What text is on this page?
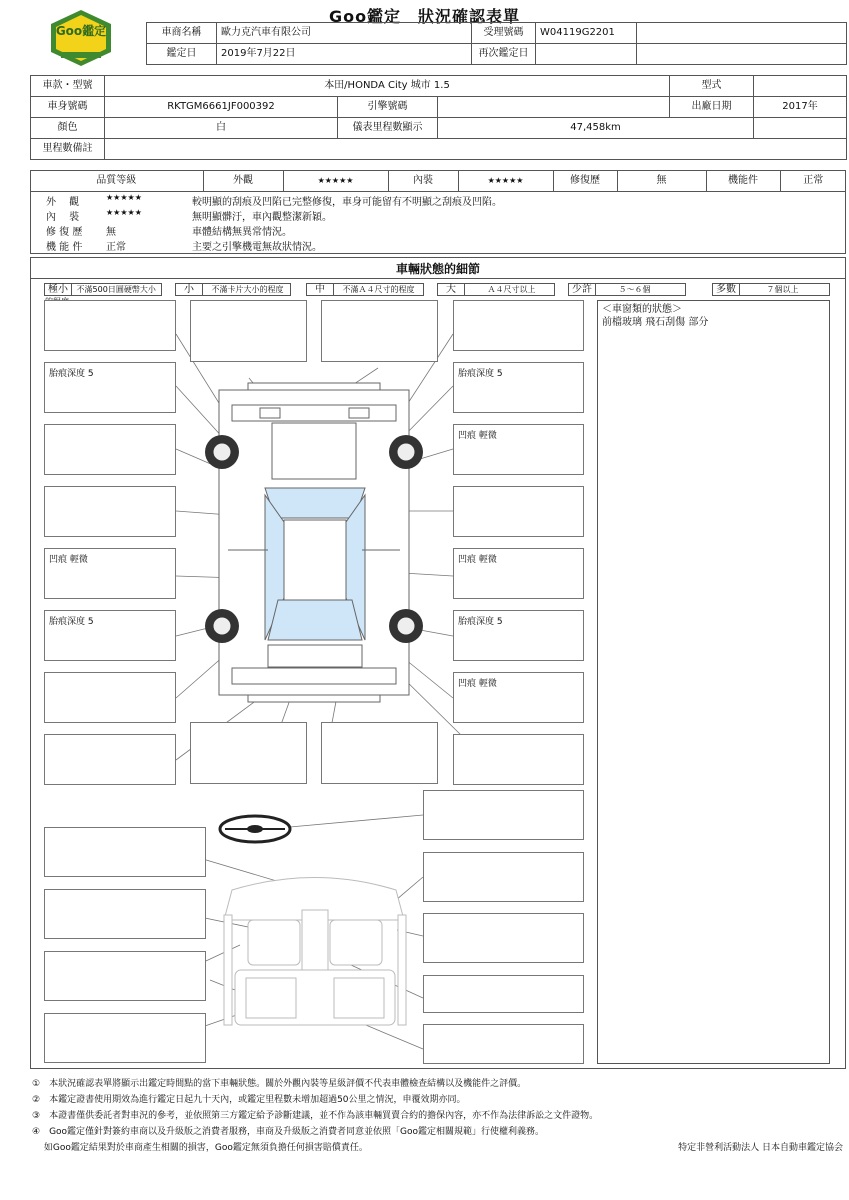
Goo鑑定　狀況確認表單
Goo鑑定	車商名稱	歐力克汽車有限公司	受理號碼	W04119G2201	
鑑定日	2019年7月22日	再次鑑定日		
車款・型號	本田/HONDA City 城市 1.5			型式	
車身號碼	RKTGM6661JF000392	引擎號碼		出廠日期	2017年
顏色	白	儀表里程數顯示	47,458km		
里程數備註					
品質等級	外觀	★★★★★	內裝	★★★★★	修復歷	無	機能件	正常
外　 觀	★★★★★	較明顯的刮痕及凹陷已完整修復，車身可能留有不明顯之刮痕及凹陷。
內　 裝	★★★★★	無明顯髒汙，車內觀整潔新穎。
修 復 歷 無	車體結構無異常情況。
機 能 件 正常	主要之引擎機電無故狀情況。
車輛狀態的細節
極小 不滿500日圓硬幣大小	小 不滿卡片大小的程度	中 不滿Ａ４尺寸的程度	大	Ａ４尺寸以上	少許	５～６個	多數	７個以上
＜車窗類的狀態＞
前檔玻璃 飛石刮傷 部分
胎痕深度 5
凹痕 輕微
胎痕深度 5
胎痕深度 5
凹痕 輕微
凹痕 輕微
胎痕深度 5
凹痕 輕微
①　本狀況確認表單將顯示出鑑定時間點的當下車輛狀態。關於外觀內裝等星級評價不代表車體檢查結構以及機能件之評價。
②　本鑑定證書使用期效為進行鑑定日起九十天內，或鑑定里程數未增加超過50公里之情況，申覆效期亦同。
③　本證書僅供委託者對車況的參考，並依照第三方鑑定給予診斷建議，並不作為該車輛買賣合約的擔保內容，亦不作為法律訴訟之文件證物。
④　Goo鑑定僅針對簽約車商以及升級版之消費者服務，車商及升級版之消費者同意並依照「Goo鑑定相關規範」行使權利義務。
　 如Goo鑑定結果對於車商產生相關的損害，Goo鑑定無須負擔任何損害賠償責任。	特定非營利活動法人 日本自動車鑑定協会
